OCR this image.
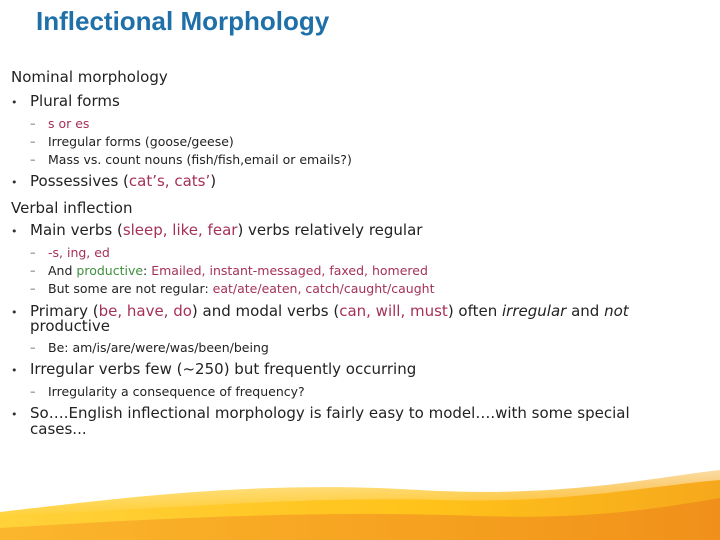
Inflectional Morphology
Nominal morphology
• Plural forms
– s or es
– Irregular forms (goose/geese)
– Mass vs. count nouns (fish/fish,email or emails?)
• Possessives (cat’s, cats’)
Verbal inflection
• Main verbs (sleep, like, fear) verbs relatively regular
– -s, ing, ed
– And productive: Emailed, instant-messaged, faxed, homered
– But some are not regular: eat/ate/eaten, catch/caught/caught
• Primary (be, have, do) and modal verbs (can, will, must) often irregular and not
productive
– Be: am/is/are/were/was/been/being
• Irregular verbs few (~250) but frequently occurring
– Irregularity a consequence of frequency?
• So….English inflectional morphology is fairly easy to model….with some special
cases...
